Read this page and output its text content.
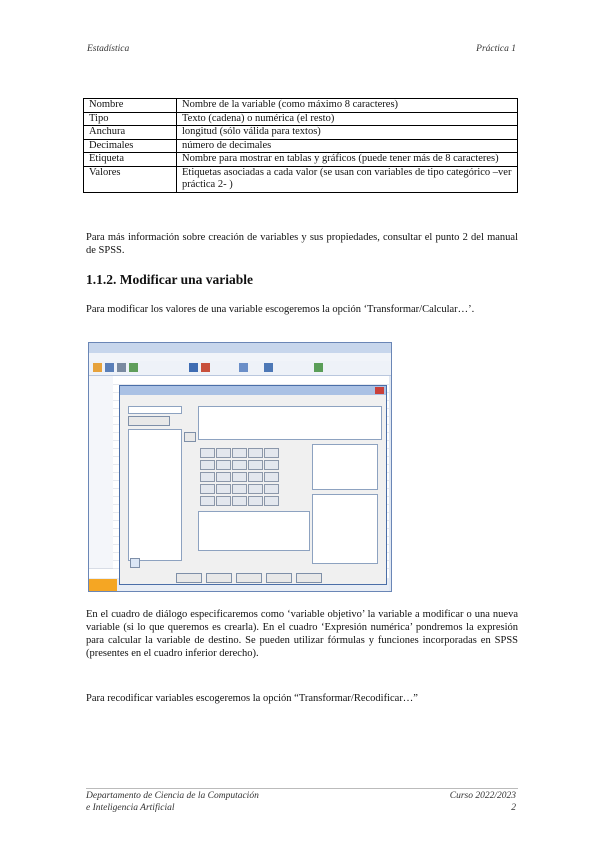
Estadística	Práctica 1
Nombre	Nombre de la variable (como máximo 8 caracteres)
Tipo	Texto (cadena) o numérica (el resto)
Anchura	longitud (sólo válida para textos)
Decimales	número de decimales
Etiqueta	Nombre para mostrar en tablas y gráficos (puede tener más de 8 caracteres)
Valores	Etiquetas asociadas a cada valor (se usan con variables de tipo categórico –ver práctica 2- )
Para más información sobre creación de variables y sus propiedades, consultar el punto 2 del manual de SPSS.
1.1.2. Modificar una variable
Para modificar los valores de una variable escogeremos la opción ‘Transformar/Calcular…’.
En el cuadro de diálogo especificaremos como ‘variable objetivo’ la variable a modificar o una nueva variable (si lo que queremos es crearla). En el cuadro ‘Expresión numérica’ pondremos la expresión para calcular la variable de destino. Se pueden utilizar fórmulas y funciones incorporadas en SPSS (presentes en el cuadro inferior derecho).
Para recodificar variables escogeremos la opción “Transformar/Recodificar…”
Departamento de Ciencia de la Computación
e Inteligencia Artificial
Curso 2022/2023
2
